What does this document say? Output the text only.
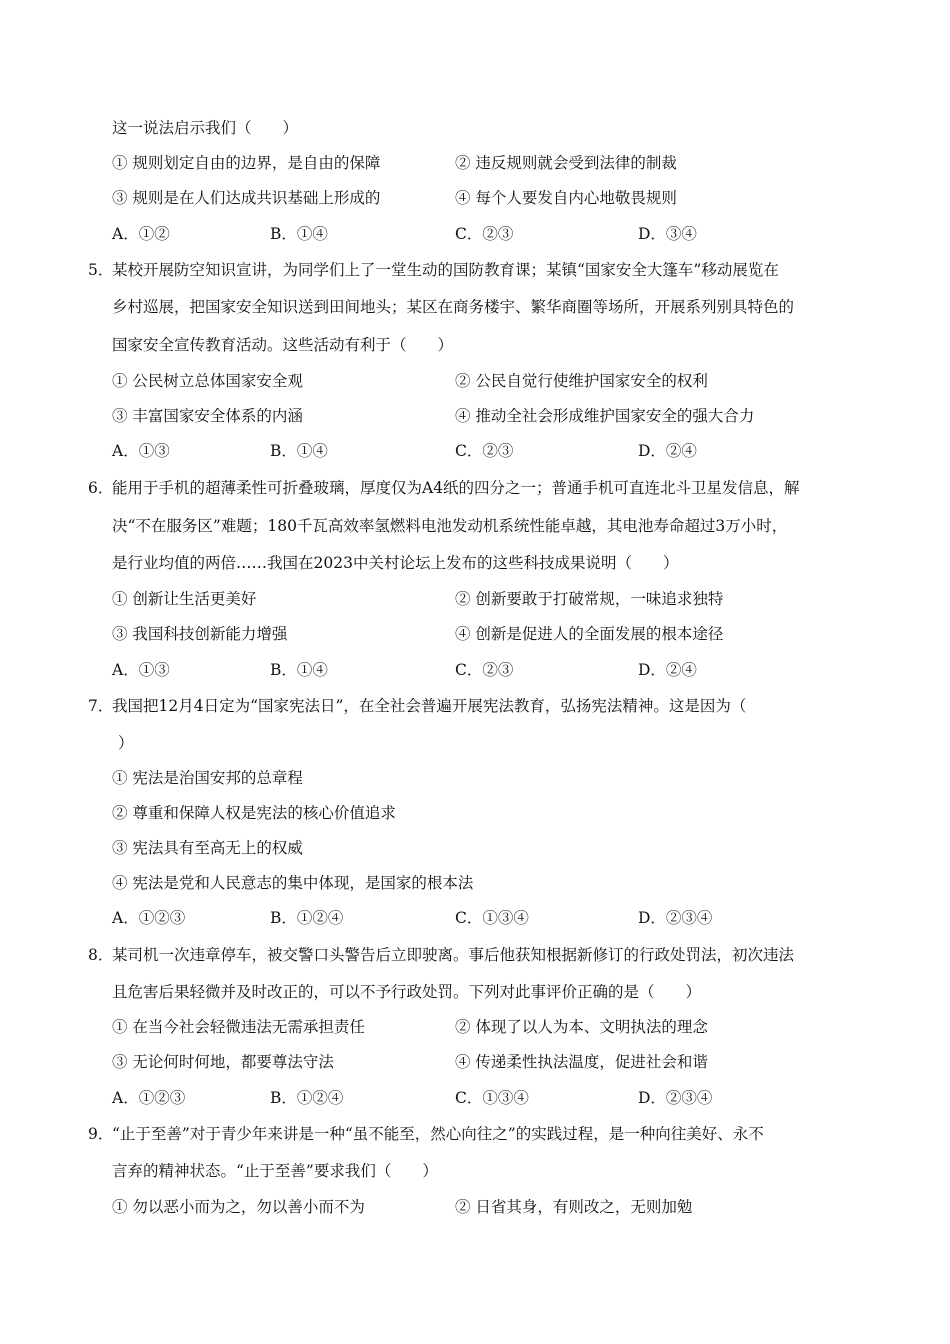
这一说法启示我们（　　）
① 规则划定自由的边界，是自由的保障	② 违反规则就会受到法律的制裁
③ 规则是在人们达成共识基础上形成的	④ 每个人要发自内心地敬畏规则
A．①②	B．①④	C．②③	D．③④
5．
某校开展防空知识宣讲，为同学们上了一堂生动的国防教育课；某镇“国家安全大篷车”移动展览在
乡村巡展，把国家安全知识送到田间地头；某区在商务楼宇、繁华商圈等场所，开展系列别具特色的
国家安全宣传教育活动。这些活动有利于（　　）
① 公民树立总体国家安全观	② 公民自觉行使维护国家安全的权利
③ 丰富国家安全体系的内涵	④ 推动全社会形成维护国家安全的强大合力
A．①③	B．①④	C．②③	D．②④
6．
能用于手机的超薄柔性可折叠玻璃，厚度仅为A4纸的四分之一；普通手机可直连北斗卫星发信息，解
决“不在服务区”难题；180千瓦高效率氢燃料电池发动机系统性能卓越，其电池寿命超过3万小时，
是行业均值的两倍……我国在2023中关村论坛上发布的这些科技成果说明（　　）
① 创新让生活更美好	② 创新要敢于打破常规，一味追求独特
③ 我国科技创新能力增强	④ 创新是促进人的全面发展的根本途径
A．①③	B．①④	C．②③	D．②④
7．
我国把12月4日定为“国家宪法日”，在全社会普遍开展宪法教育，弘扬宪法精神。这是因为（
）
① 宪法是治国安邦的总章程
② 尊重和保障人权是宪法的核心价值追求
③ 宪法具有至高无上的权威
④ 宪法是党和人民意志的集中体现，是国家的根本法
A．①②③	B．①②④	C．①③④	D．②③④
8．
某司机一次违章停车，被交警口头警告后立即驶离。事后他获知根据新修订的行政处罚法，初次违法
且危害后果轻微并及时改正的，可以不予行政处罚。下列对此事评价正确的是（　　）
① 在当今社会轻微违法无需承担责任	② 体现了以人为本、文明执法的理念
③ 无论何时何地，都要尊法守法	④ 传递柔性执法温度，促进社会和谐
A．①②③	B．①②④	C．①③④	D．②③④
9．
“止于至善”对于青少年来讲是一种“虽不能至，然心向往之”的实践过程，是一种向往美好、永不
言弃的精神状态。“止于至善”要求我们（　　）
① 勿以恶小而为之，勿以善小而不为	② 日省其身，有则改之，无则加勉
